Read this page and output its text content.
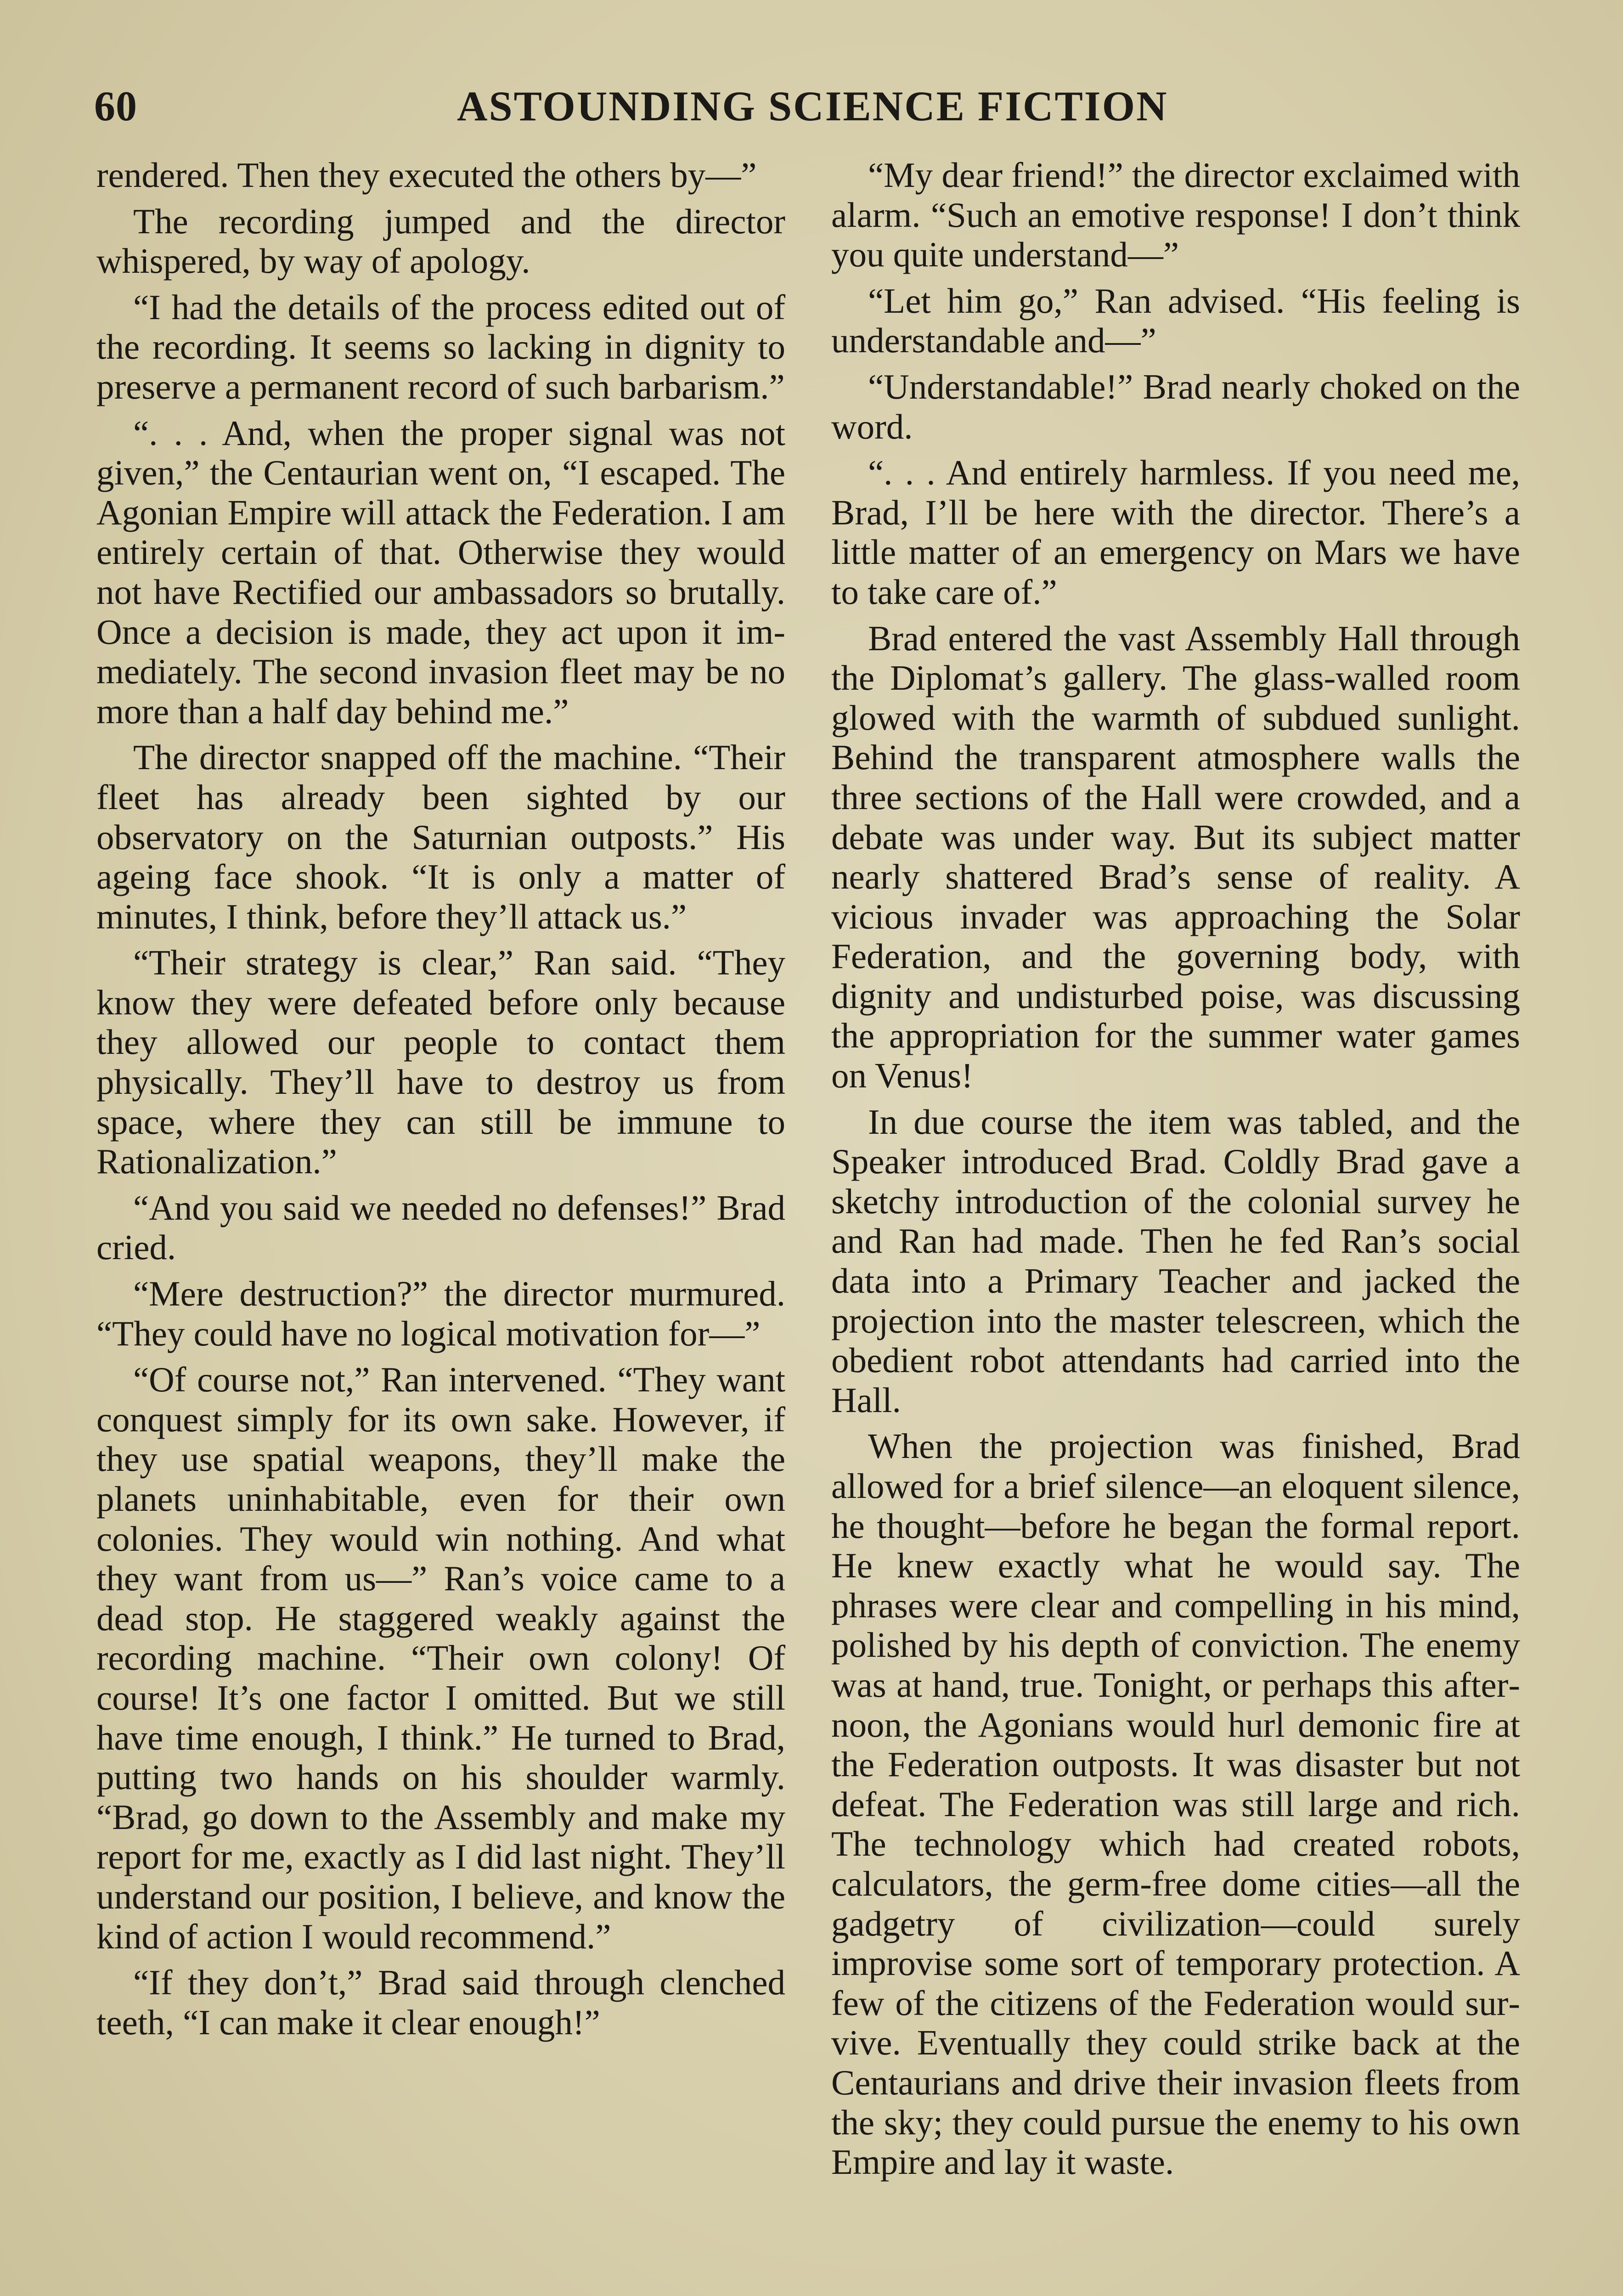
60	ASTOUNDING SCIENCE FICTION

rendered. Then they executed the others by—”

The recording jumped and the director whispered, by way of apology.

“I had the details of the process edited out of the recording. It seems so lacking in dignity to preserve a permanent record of such barbarism.”

“. . . And, when the proper signal was not given,” the Centaurian went on, “I escaped. The Agonian Empire will attack the Federation. I am entirely certain of that. Otherwise they would not have Rectified our ambassadors so brutally. Once a decision is made, they act upon it immediately. The second invasion fleet may be no more than a half day behind me.”

The director snapped off the machine. “Their fleet has already been sighted by our observatory on the Saturnian outposts.” His ageing face shook. “It is only a matter of minutes, I think, before they’ll attack us.”

“Their strategy is clear,” Ran said. “They know they were defeated before only because they allowed our people to contact them physically. They’ll have to destroy us from space, where they can still be immune to Rationalization.”

“And you said we needed no defenses!” Brad cried.

“Mere destruction?” the director murmured. “They could have no logical motivation for—”

“Of course not,” Ran intervened. “They want conquest simply for its own sake. However, if they use spatial weapons, they’ll make the planets uninhabitable, even for their own colonies. They would win nothing. And what they want from us—” Ran’s voice came to a dead stop. He staggered weakly against the recording machine. “Their own colony! Of course! It’s one factor I omitted. But we still have time enough, I think.” He turned to Brad, putting two hands on his shoulder warmly. “Brad, go down to the Assembly and make my report for me, exactly as I did last night. They’ll understand our position, I believe, and know the kind of action I would recommend.”

“If they don’t,” Brad said through clenched teeth, “I can make it clear enough!”

“My dear friend!” the director exclaimed with alarm. “Such an emotive response! I don’t think you quite understand—”

“Let him go,” Ran advised. “His feeling is understandable and—”

“Understandable!” Brad nearly choked on the word.

“. . . And entirely harmless. If you need me, Brad, I’ll be here with the director. There’s a little matter of an emergency on Mars we have to take care of.”

Brad entered the vast Assembly Hall through the Diplomat’s gallery. The glass-walled room glowed with the warmth of subdued sunlight. Behind the transparent atmosphere walls the three sections of the Hall were crowded, and a debate was under way. But its subject matter nearly shattered Brad’s sense of reality. A vicious invader was approaching the Solar Federation, and the governing body, with dignity and undisturbed poise, was discussing the appropriation for the summer water games on Venus!

In due course the item was tabled, and the Speaker introduced Brad. Coldly Brad gave a sketchy introduction of the colonial survey he and Ran had made. Then he fed Ran’s social data into a Primary Teacher and jacked the projection into the master telescreen, which the obedient robot attendants had carried into the Hall.

When the projection was finished, Brad allowed for a brief silence—an eloquent silence, he thought—before he began the formal report. He knew exactly what he would say. The phrases were clear and compelling in his mind, polished by his depth of conviction. The enemy was at hand, true. Tonight, or perhaps this afternoon, the Agonians would hurl demonic fire at the Federation outposts. It was disaster but not defeat. The Federation was still large and rich. The technology which had created robots, calculators, the germ-free dome cities—all the gadgetry of civilization—could surely improvise some sort of temporary protection. A few of the citizens of the Federation would survive. Eventually they could strike back at the Centaurians and drive their invasion fleets from the sky; they could pursue the enemy to his own Empire and lay it waste.
